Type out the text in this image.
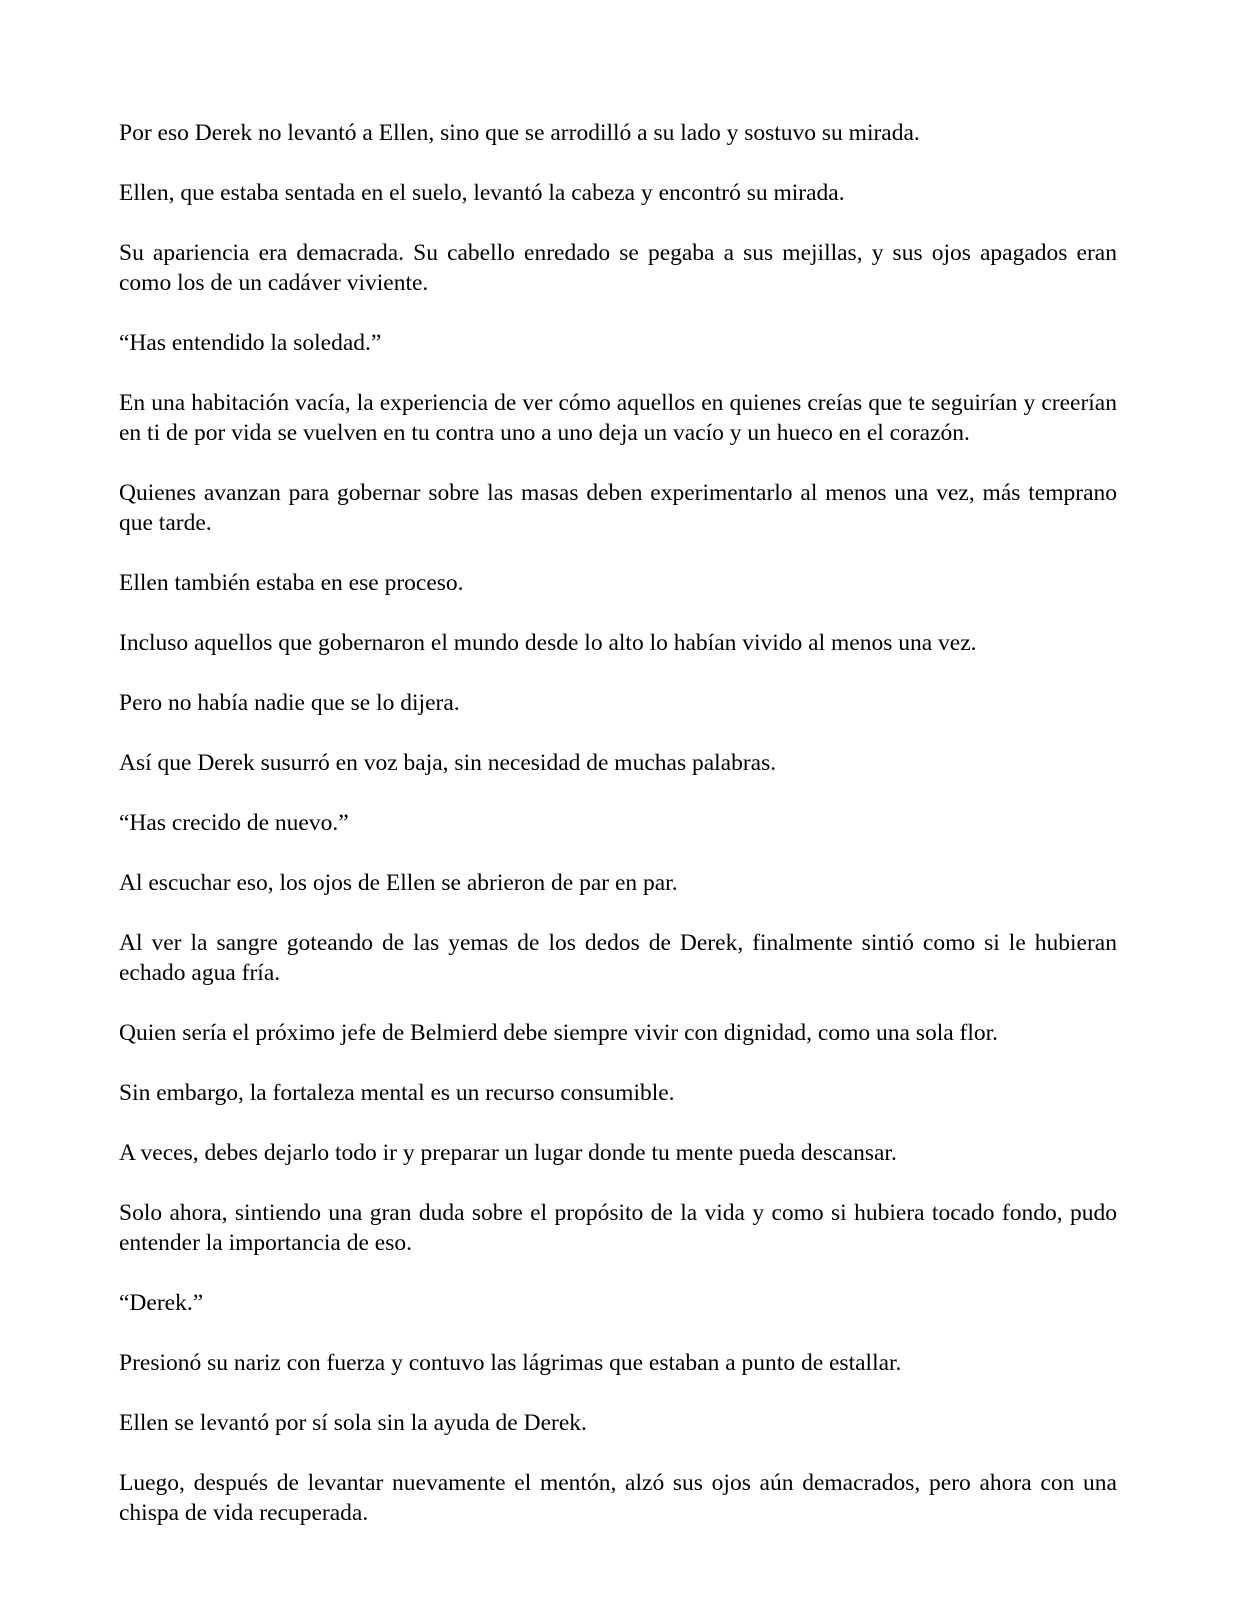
Por eso Derek no levantó a Ellen, sino que se arrodilló a su lado y sostuvo su mirada.

Ellen, que estaba sentada en el suelo, levantó la cabeza y encontró su mirada.

Su apariencia era demacrada. Su cabello enredado se pegaba a sus mejillas, y sus ojos apagados eran como los de un cadáver viviente.

“Has entendido la soledad.”

En una habitación vacía, la experiencia de ver cómo aquellos en quienes creías que te seguirían y creerían en ti de por vida se vuelven en tu contra uno a uno deja un vacío y un hueco en el corazón.

Quienes avanzan para gobernar sobre las masas deben experimentarlo al menos una vez, más temprano que tarde.

Ellen también estaba en ese proceso.

Incluso aquellos que gobernaron el mundo desde lo alto lo habían vivido al menos una vez.

Pero no había nadie que se lo dijera.

Así que Derek susurró en voz baja, sin necesidad de muchas palabras.

“Has crecido de nuevo.”

Al escuchar eso, los ojos de Ellen se abrieron de par en par.

Al ver la sangre goteando de las yemas de los dedos de Derek, finalmente sintió como si le hubieran echado agua fría.

Quien sería el próximo jefe de Belmierd debe siempre vivir con dignidad, como una sola flor.

Sin embargo, la fortaleza mental es un recurso consumible.

A veces, debes dejarlo todo ir y preparar un lugar donde tu mente pueda descansar.

Solo ahora, sintiendo una gran duda sobre el propósito de la vida y como si hubiera tocado fondo, pudo entender la importancia de eso.

“Derek.”

Presionó su nariz con fuerza y contuvo las lágrimas que estaban a punto de estallar.

Ellen se levantó por sí sola sin la ayuda de Derek.

Luego, después de levantar nuevamente el mentón, alzó sus ojos aún demacrados, pero ahora con una chispa de vida recuperada.
